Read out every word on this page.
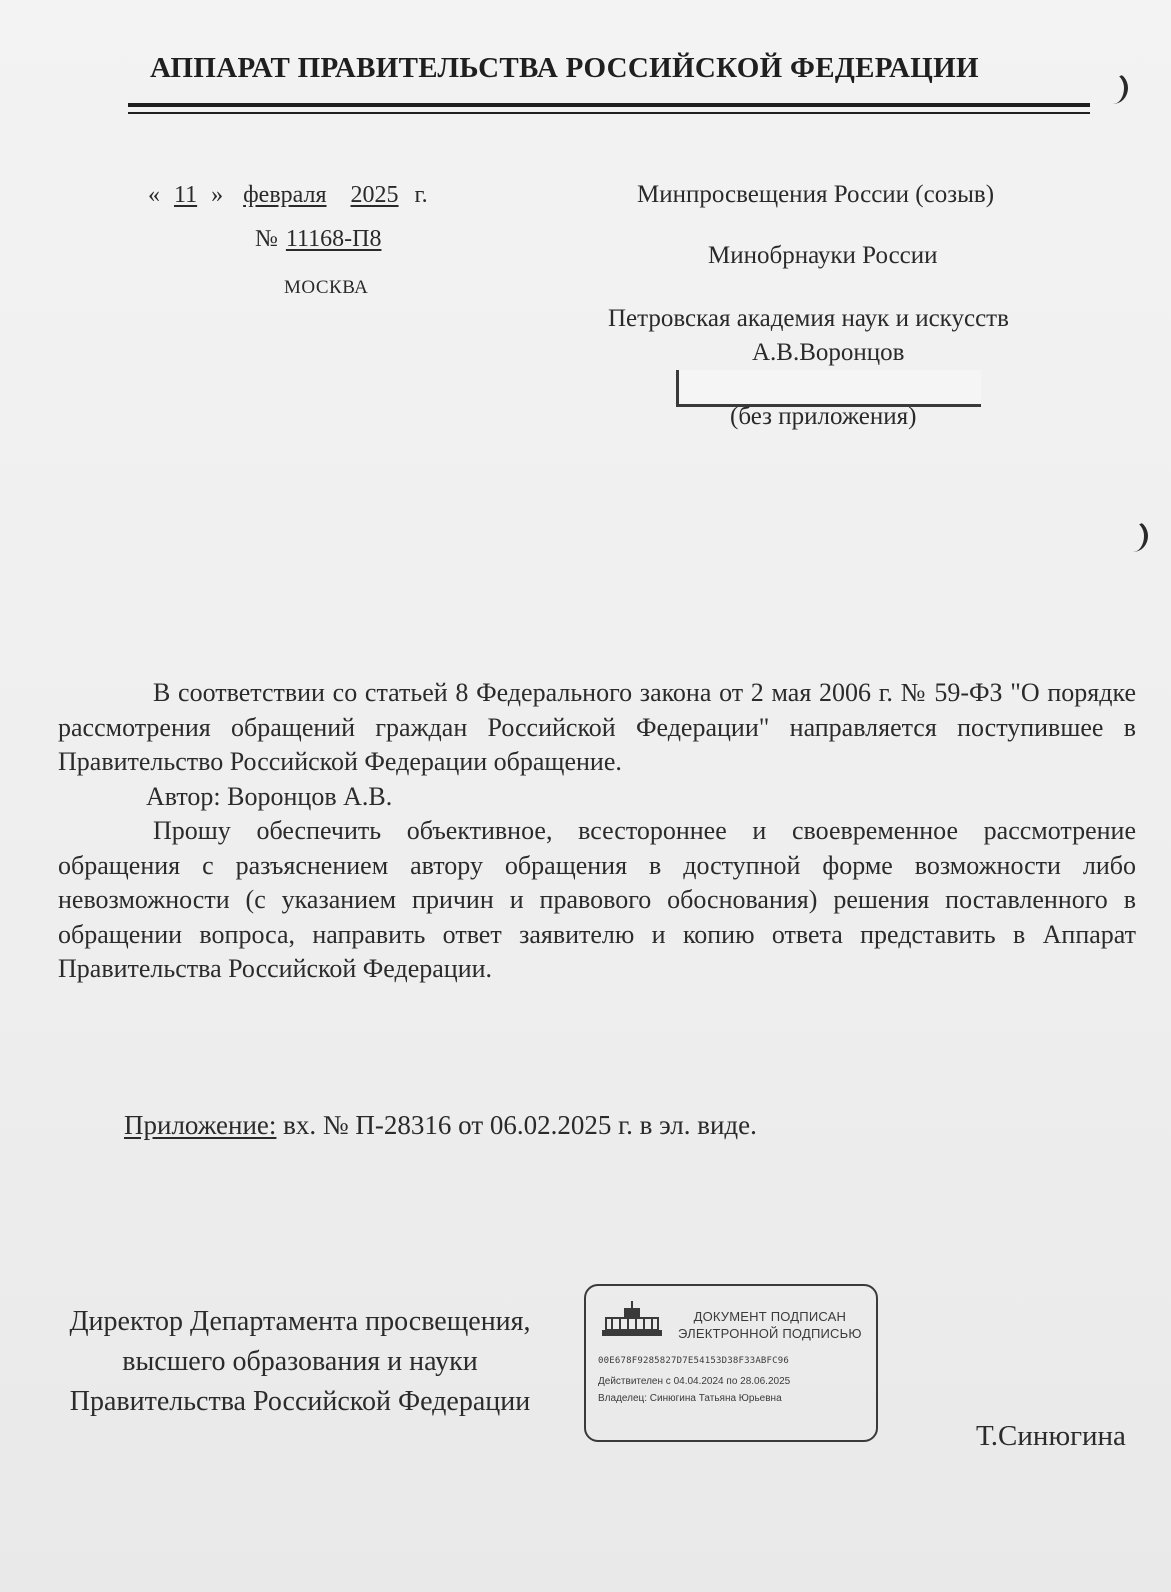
АППАРАТ ПРАВИТЕЛЬСТВА РОССИЙСКОЙ ФЕДЕРАЦИИ
« 11 » февраля 2025 г.
№ 11168-П8
МОСКВА
Минпросвещения России (созыв)
Минобрнауки России
Петровская академия наук и искусств
А.В.Воронцов
(без приложения)

В соответствии со статьей 8 Федерального закона от 2 мая 2006 г. № 59-ФЗ "О порядке рассмотрения обращений граждан Российской Федерации" направляется поступившее в Правительство Российской Федерации обращение.

Автор: Воронцов А.В.

Прошу обеспечить объективное, всестороннее и своевременное рассмотрение обращения с разъяснением автору обращения в доступной форме возможности либо невозможности (с указанием причин и правового обоснования) решения поставленного в обращении вопроса, направить ответ заявителю и копию ответа представить в Аппарат Правительства Российской Федерации.

Приложение: вх. № П-28316 от 06.02.2025 г. в эл. виде.
Директор Департамента просвещения,
высшего образования и науки
Правительства Российской Федерации
ДОКУМЕНТ ПОДПИСАН
ЭЛЕКТРОННОЙ ПОДПИСЬЮ
00E678F9285827D7E54153D38F33ABFC96
Действителен с 04.04.2024 по 28.06.2025
Владелец: Синюгина Татьяна Юрьевна
Т.Синюгина
